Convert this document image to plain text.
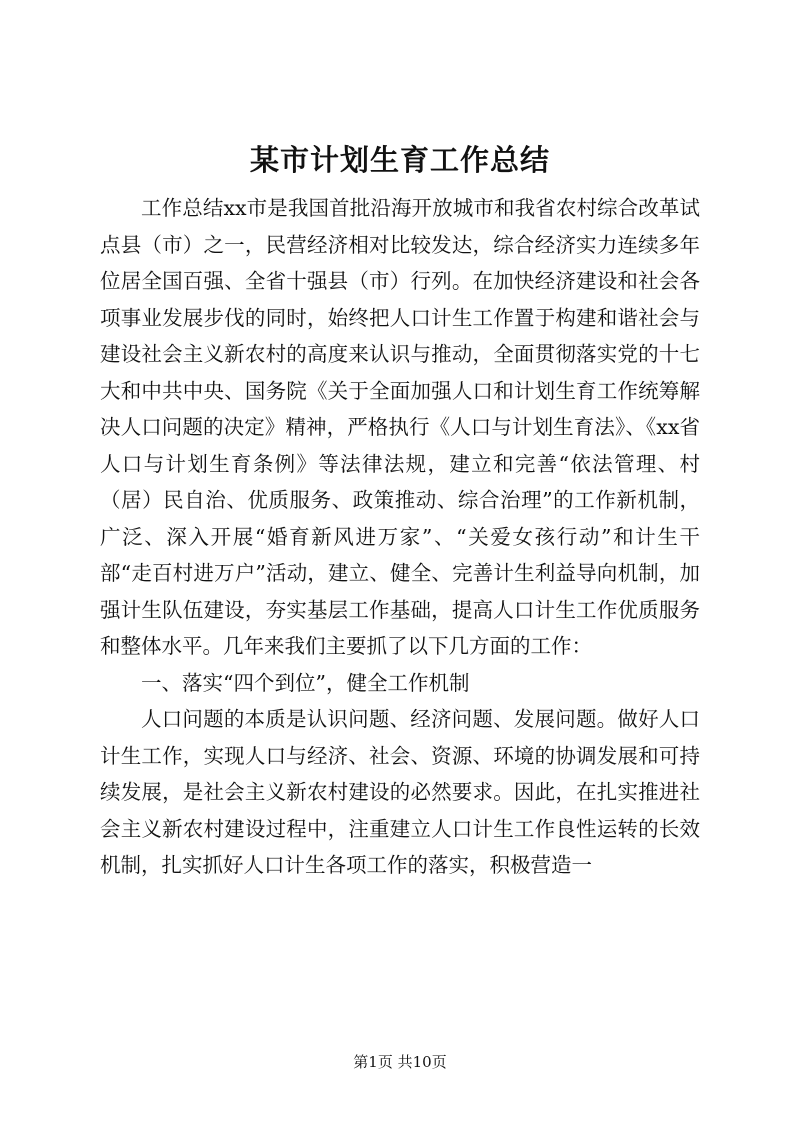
某市计划生育工作总结

工作总结xx市是我国首批沿海开放城市和我省农村综合改革试点县（市）之一，民营经济相对比较发达，综合经济实力连续多年位居全国百强、全省十强县（市）行列。在加快经济建设和社会各项事业发展步伐的同时，始终把人口计生工作置于构建和谐社会与建设社会主义新农村的高度来认识与推动，全面贯彻落实党的十七大和中共中央、国务院《关于全面加强人口和计划生育工作统筹解决人口问题的决定》精神，严格执行《人口与计划生育法》、《xx省人口与计划生育条例》等法律法规，建立和完善“依法管理、村（居）民自治、优质服务、政策推动、综合治理”的工作新机制，广泛、深入开展“婚育新风进万家”、“关爱女孩行动”和计生干部“走百村进万户”活动，建立、健全、完善计生利益导向机制，加强计生队伍建设，夯实基层工作基础，提高人口计生工作优质服务和整体水平。几年来我们主要抓了以下几方面的工作：

一、落实“四个到位”，健全工作机制

人口问题的本质是认识问题、经济问题、发展问题。做好人口计生工作，实现人口与经济、社会、资源、环境的协调发展和可持续发展，是社会主义新农村建设的必然要求。因此，在扎实推进社会主义新农村建设过程中，注重建立人口计生工作良性运转的长效机制，扎实抓好人口计生各项工作的落实，积极营造一

第1页 共10页
